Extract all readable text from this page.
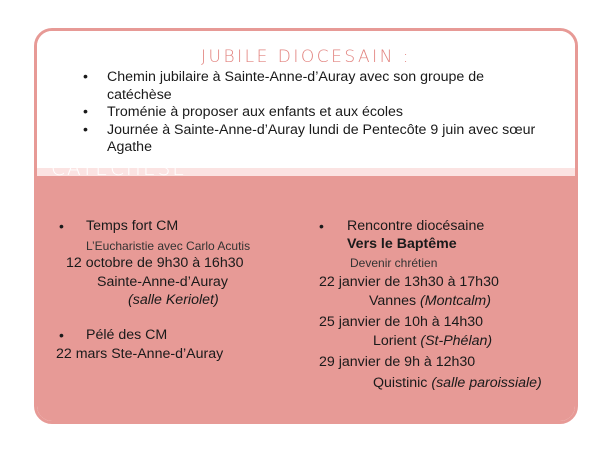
JUBILE DIOCESAIN :
• Chemin jubilaire à Sainte-Anne-d’Auray avec son groupe de catéchèse
• Troménie à proposer aux enfants et aux écoles
• Journée à Sainte-Anne-d’Auray lundi de Pentecôte 9 juin avec sœur Agathe
CATECHESE
• Temps fort CM
L’Eucharistie avec Carlo Acutis
12 octobre de 9h30 à 16h30
Sainte-Anne-d’Auray
(salle Keriolet)
• Pélé des CM
22 mars Ste-Anne-d’Auray
• Rencontre diocésaine
Vers le Baptême
Devenir chrétien
22 janvier de 13h30 à 17h30
Vannes (Montcalm)
25 janvier de 10h à 14h30
Lorient (St-Phélan)
29 janvier de 9h à 12h30
Quistinic (salle paroissiale)
